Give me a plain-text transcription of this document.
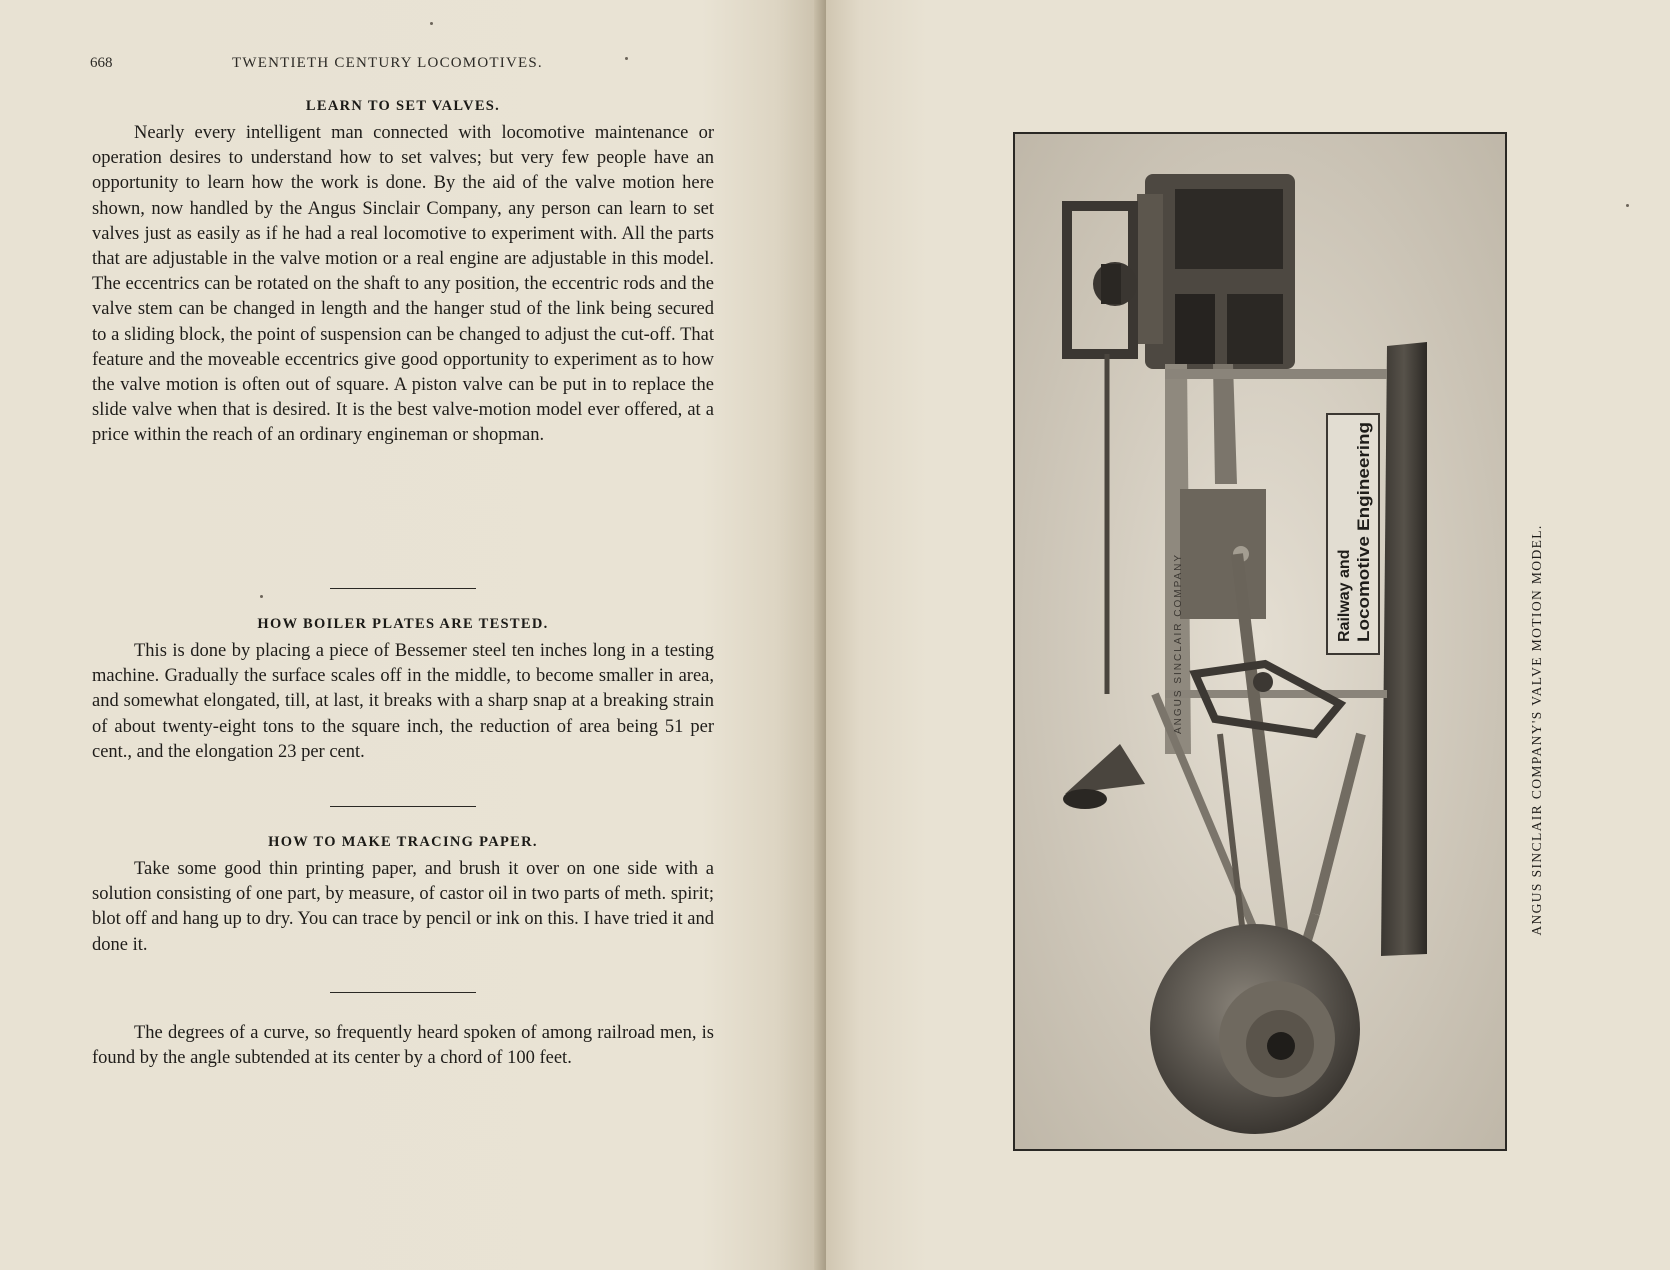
668	TWENTIETH CENTURY LOCOMOTIVES.
LEARN TO SET VALVES.

Nearly every intelligent man connected with locomotive maintenance or operation desires to understand how to set valves; but very few people have an opportunity to learn how the work is done. By the aid of the valve motion here shown, now handled by the Angus Sinclair Company, any person can learn to set valves just as easily as if he had a real locomotive to experiment with. All the parts that are adjustable in the valve motion or a real engine are adjustable in this model. The eccentrics can be rotated on the shaft to any position, the eccentric rods and the valve stem can be changed in length and the hanger stud of the link being secured to a sliding block, the point of suspension can be changed to adjust the cut-off. That feature and the moveable eccentrics give good opportunity to experiment as to how the valve motion is often out of square. A piston valve can be put in to replace the slide valve when that is desired. It is the best valve-motion model ever offered, at a price within the reach of an ordinary engineman or shopman.

HOW BOILER PLATES ARE TESTED.

This is done by placing a piece of Bessemer steel ten inches long in a testing machine. Gradually the surface scales off in the middle, to become smaller in area, and somewhat elongated, till, at last, it breaks with a sharp snap at a breaking strain of about twenty-eight tons to the square inch, the reduction of area being 51 per cent., and the elongation 23 per cent.

HOW TO MAKE TRACING PAPER.

Take some good thin printing paper, and brush it over on one side with a solution consisting of one part, by measure, of castor oil in two parts of meth. spirit; blot off and hang up to dry. You can trace by pencil or ink on this. I have tried it and done it.

The degrees of a curve, so frequently heard spoken of among railroad men, is found by the angle subtended at its center by a chord of 100 feet.

Railway and Locomotive Engineering
ANGUS SINCLAIR COMPANY	ANGUS SINCLAIR COMPANY'S VALVE MOTION MODEL.
